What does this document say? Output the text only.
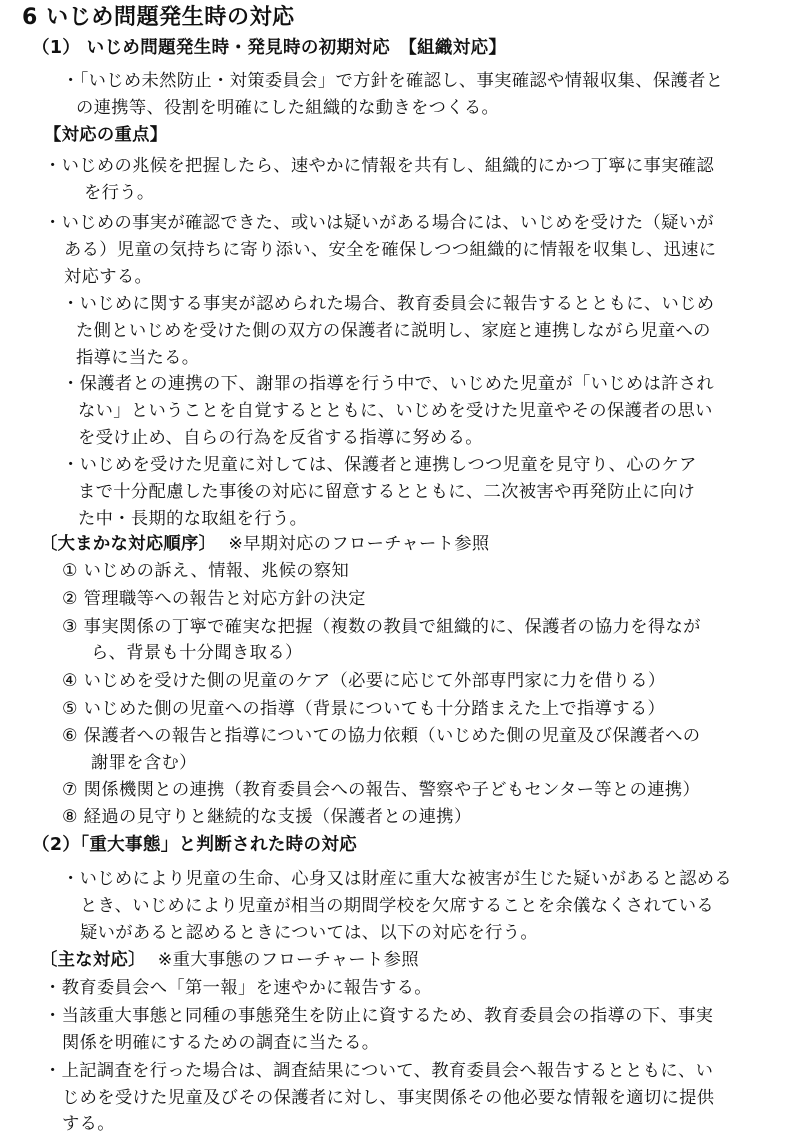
6 いじめ問題発生時の対応
（1） いじめ問題発生時・発見時の初期対応　【組織対応】
・「いじめ未然防止・対策委員会」で方針を確認し、事実確認や情報収集、保護者と
の連携等、役割を明確にした組織的な動きをつくる。
【対応の重点】
・いじめの兆候を把握したら、速やかに情報を共有し、組織的にかつ丁寧に事実確認
を行う。
・いじめの事実が確認できた、或いは疑いがある場合には、いじめを受けた（疑いが
ある）児童の気持ちに寄り添い、安全を確保しつつ組織的に情報を収集し、迅速に
対応する。
・いじめに関する事実が認められた場合、教育委員会に報告するとともに、いじめ
た側といじめを受けた側の双方の保護者に説明し、家庭と連携しながら児童への
指導に当たる。
・保護者との連携の下、謝罪の指導を行う中で、いじめた児童が「いじめは許され
ない」ということを自覚するとともに、いじめを受けた児童やその保護者の思い
を受け止め、自らの行為を反省する指導に努める。
・いじめを受けた児童に対しては、保護者と連携しつつ児童を見守り、心のケア
まで十分配慮した事後の対応に留意するとともに、二次被害や再発防止に向け
た中・長期的な取組を行う。
〔大まかな対応順序〕 ※早期対応のフローチャート参照
① いじめの訴え、情報、兆候の察知
② 管理職等への報告と対応方針の決定
③ 事実関係の丁寧で確実な把握（複数の教員で組織的に、保護者の協力を得なが
ら、背景も十分聞き取る）
④ いじめを受けた側の児童のケア（必要に応じて外部専門家に力を借りる）
⑤ いじめた側の児童への指導（背景についても十分踏まえた上で指導する）
⑥ 保護者への報告と指導についての協力依頼（いじめた側の児童及び保護者への
謝罪を含む）
⑦ 関係機関との連携（教育委員会への報告、警察や子どもセンター等との連携）
⑧ 経過の見守りと継続的な支援（保護者との連携）
（2）「重大事態」と判断された時の対応
・いじめにより児童の生命、心身又は財産に重大な被害が生じた疑いがあると認める
とき、いじめにより児童が相当の期間学校を欠席することを余儀なくされている
疑いがあると認めるときについては、以下の対応を行う。
〔主な対応〕 ※重大事態のフローチャート参照
・教育委員会へ「第一報」を速やかに報告する。
・当該重大事態と同種の事態発生を防止に資するため、教育委員会の指導の下、事実
関係を明確にするための調査に当たる。
・上記調査を行った場合は、調査結果について、教育委員会へ報告するとともに、い
じめを受けた児童及びその保護者に対し、事実関係その他必要な情報を適切に提供
する。
